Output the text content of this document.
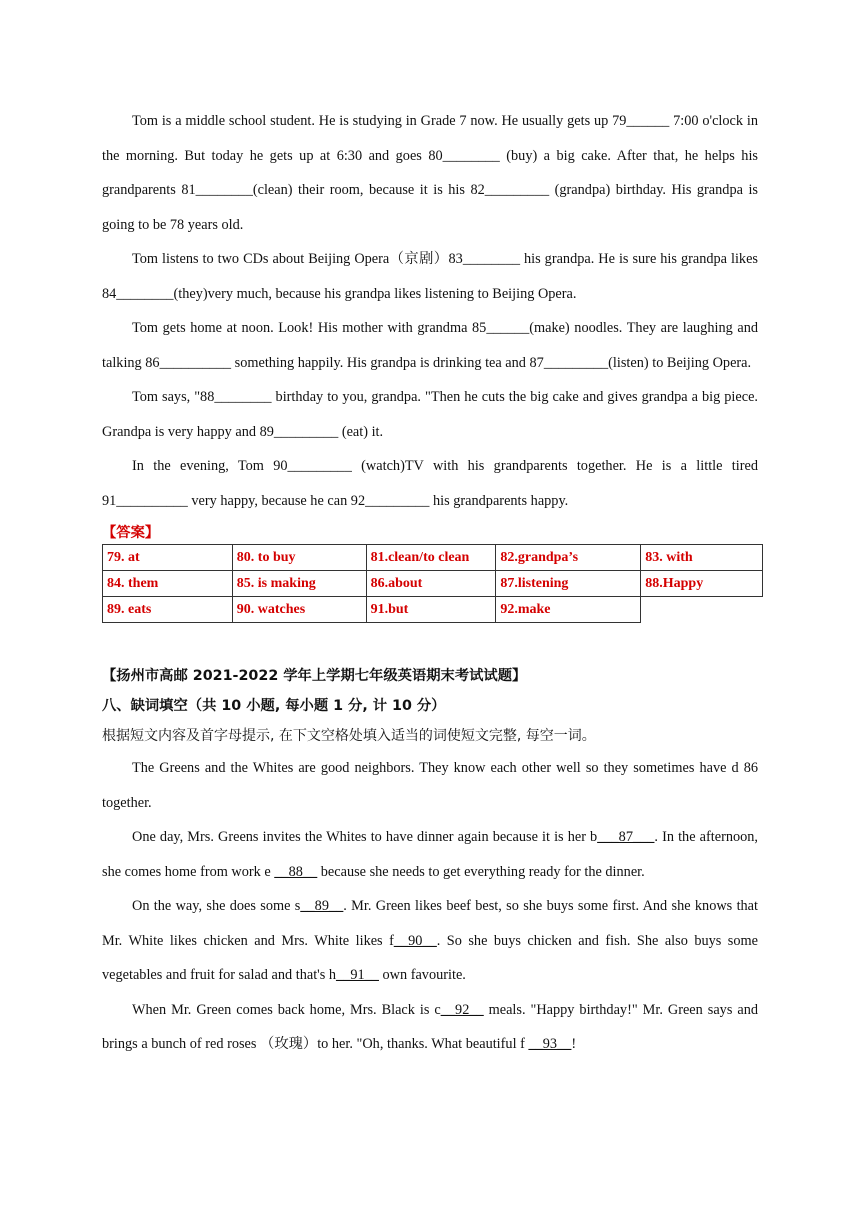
Tom is a middle school student. He is studying in Grade 7 now. He usually gets up 79______ 7:00 o'clock in the morning. But today he gets up at 6:30 and goes 80________ (buy) a big cake. After that, he helps his grandparents 81________(clean) their room, because it is his 82_________ (grandpa) birthday. His grandpa is going to be 78 years old.

Tom listens to two CDs about Beijing Opera（京剧）83________ his grandpa. He is sure his grandpa likes 84________(they)very much, because his grandpa likes listening to Beijing Opera.

Tom gets home at noon. Look! His mother with grandma 85______(make) noodles. They are laughing and talking 86__________ something happily. His grandpa is drinking tea and 87_________(listen) to Beijing Opera.

Tom says, "88________ birthday to you, grandpa. "Then he cuts the big cake and gives grandpa a big piece. Grandpa is very happy and 89_________ (eat) it.

In the evening, Tom 90_________ (watch)TV with his grandparents together. He is a little tired 91__________ very happy, because he can 92_________ his grandparents happy.

【答案】
79. at	80. to buy	81.clean/to clean	82.grandpa’s	83. with
84. them	85. is making	86.about	87.listening	88.Happy
89. eats	90. watches	91.but	92.make	

【扬州市高邮 2021-2022 学年上学期七年级英语期末考试试题】

八、缺词填空（共 10 小题, 每小题 1 分, 计 10 分）

根据短文内容及首字母提示, 在下文空格处填入适当的词使短文完整, 每空一词。

The Greens and the Whites are good neighbors. They know each other well so they sometimes have d 86 together.

One day, Mrs. Greens invites the Whites to have dinner again because it is her b___87___. In the afternoon, she comes home from work e __88__ because she needs to get everything ready for the dinner.

On the way, she does some s__89__. Mr. Green likes beef best, so she buys some first. And she knows that Mr. White likes chicken and Mrs. White likes f__90__. So she buys chicken and fish. She also buys some vegetables and fruit for salad and that's h__91__ own favourite.

When Mr. Green comes back home, Mrs. Black is c__92__ meals. "Happy birthday!" Mr. Green says and brings a bunch of red roses （玫瑰）to her. "Oh, thanks. What beautiful f __93__!
